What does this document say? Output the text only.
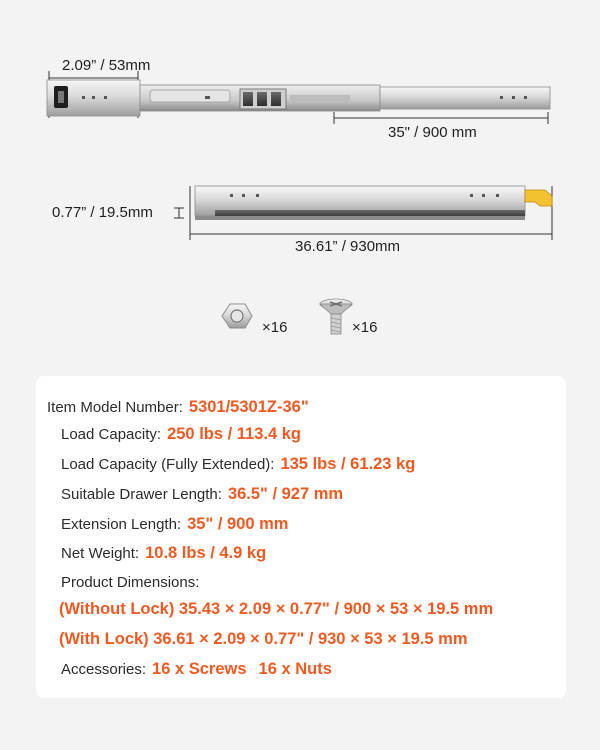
2.09” / 53mm
35" / 900 mm
0.77” / 19.5mm
36.61” / 930mm
×16	×16
Item Model Number: 5301/5301Z-36"
Load Capacity: 250 lbs / 113.4 kg
Load Capacity (Fully Extended): 135 lbs / 61.23 kg
Suitable Drawer Length: 36.5" / 927 mm
Extension Length: 35" / 900 mm
Net Weight: 10.8 lbs / 4.9 kg
Product Dimensions:
(Without Lock) 35.43 × 2.09 × 0.77" / 900 × 53 × 19.5 mm
(With Lock) 36.61 × 2.09 × 0.77" / 930 × 53 × 19.5 mm
Accessories: 16 x Screws 16 x Nuts
